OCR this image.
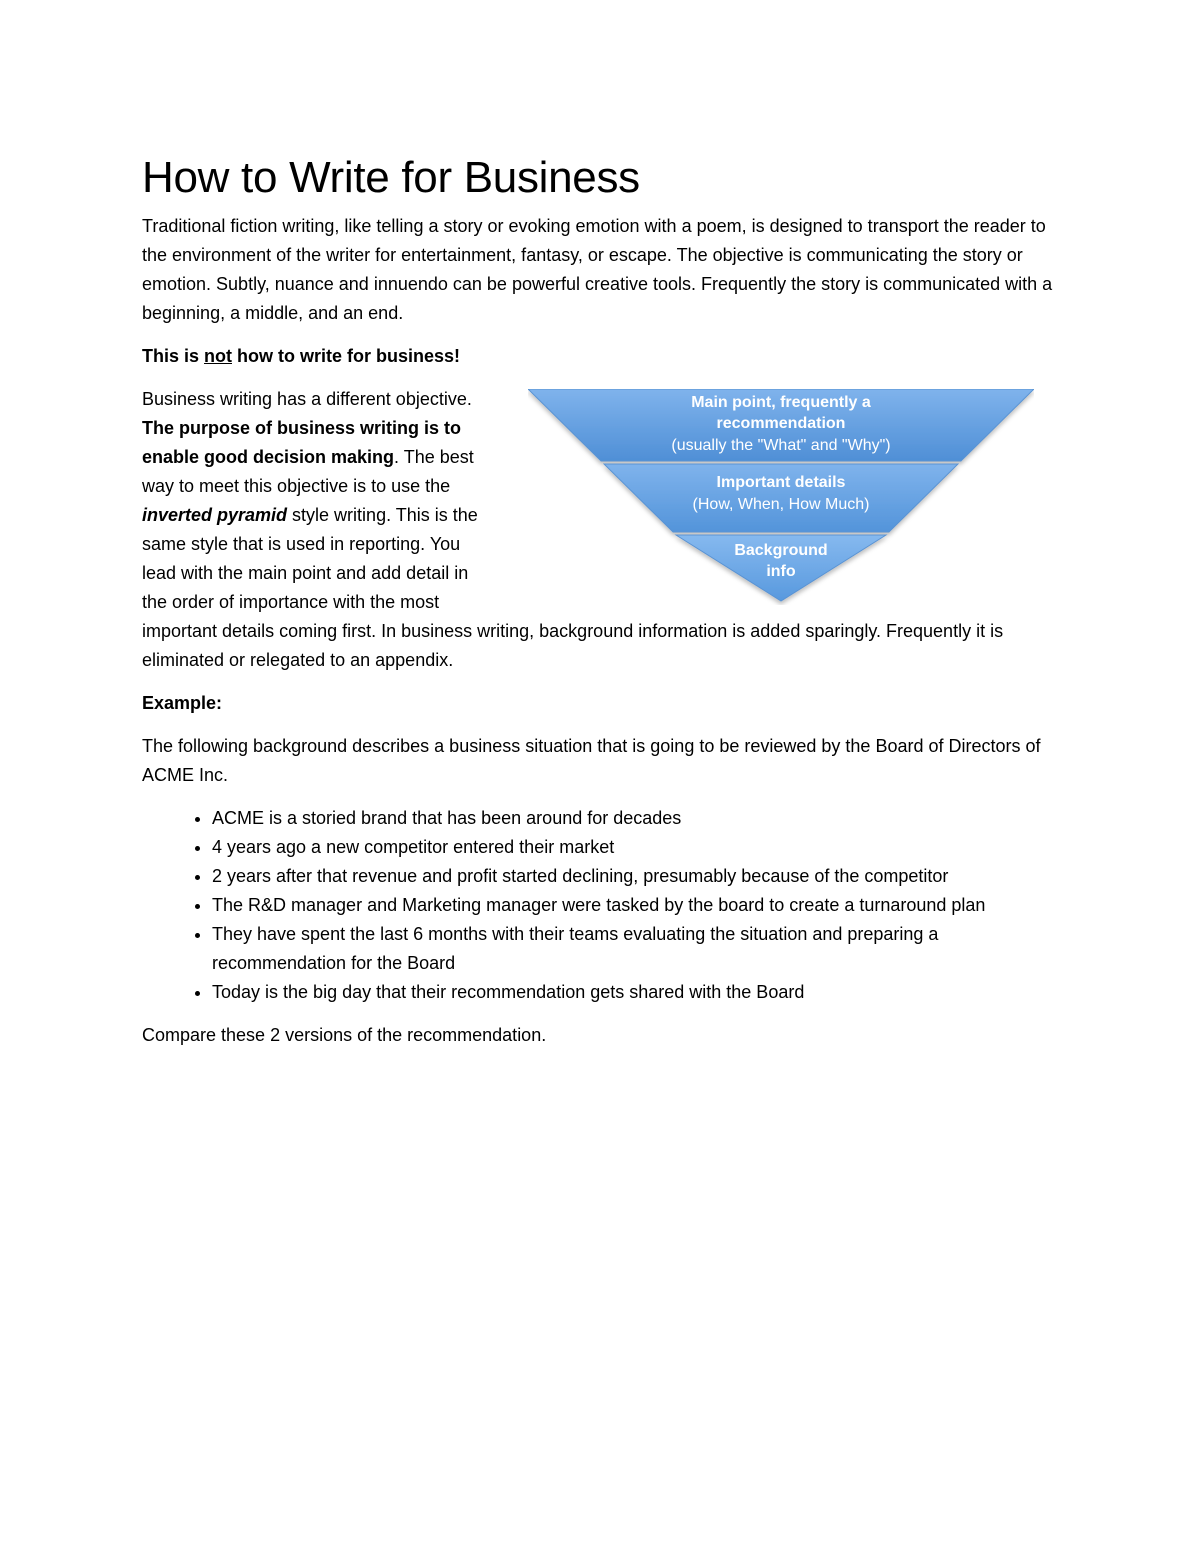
How to Write for Business

Traditional fiction writing, like telling a story or evoking emotion with a poem, is designed to transport the reader to the environment of the writer for entertainment, fantasy, or escape. The objective is communicating the story or emotion. Subtly, nuance and innuendo can be powerful creative tools. Frequently the story is communicated with a beginning, a middle, and an end.

This is not how to write for business!

Main point, frequently a
recommendation
(usually the "What" and "Why")
Important details
(How, When, How Much)
Background
info

Business writing has a different objective. The purpose of business writing is to enable good decision making. The best way to meet this objective is to use the inverted pyramid style writing. This is the same style that is used in reporting. You lead with the main point and add detail in the order of importance with the most important details coming first. In business writing, background information is added sparingly. Frequently it is eliminated or relegated to an appendix.

Example:

The following background describes a business situation that is going to be reviewed by the Board of Directors of ACME Inc.

• ACME is a storied brand that has been around for decades
• 4 years ago a new competitor entered their market
• 2 years after that revenue and profit started declining, presumably because of the competitor
• The R&D manager and Marketing manager were tasked by the board to create a turnaround plan
• They have spent the last 6 months with their teams evaluating the situation and preparing a recommendation for the Board
• Today is the big day that their recommendation gets shared with the Board

Compare these 2 versions of the recommendation.
